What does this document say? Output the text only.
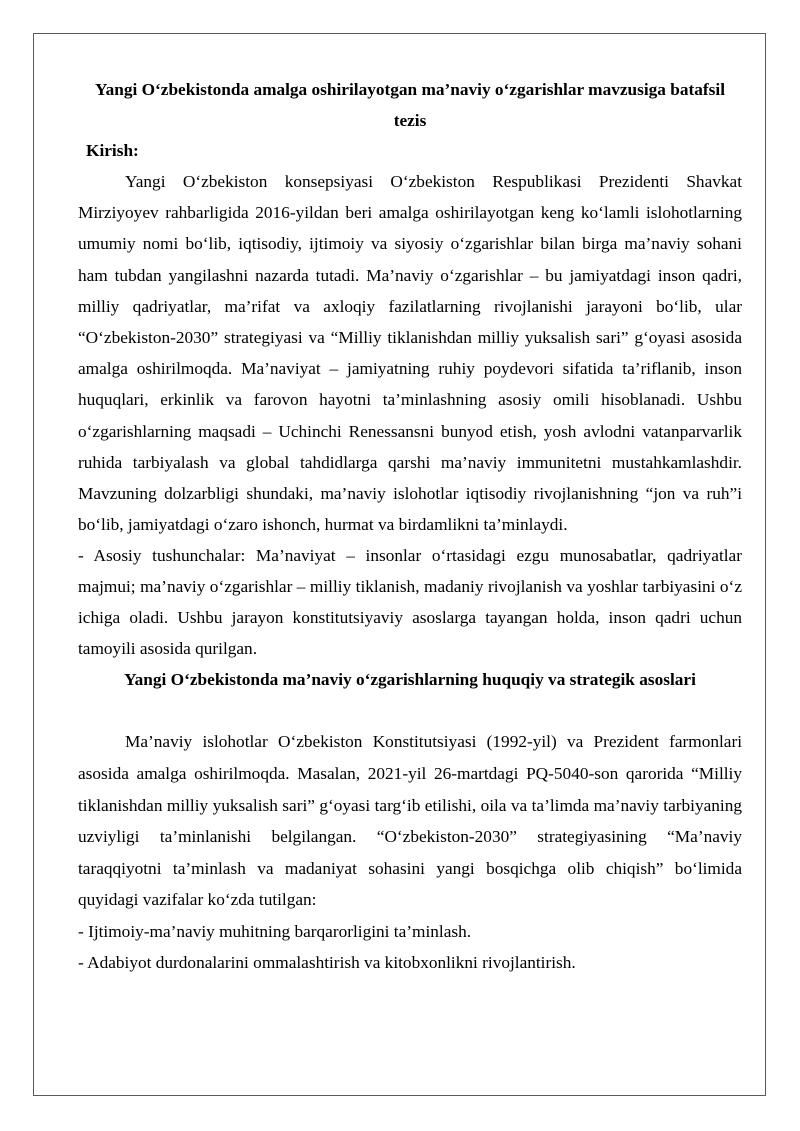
Yangi O‘zbekistonda amalga oshirilayotgan ma’naviy o‘zgarishlar mavzusiga batafsil tezis

Kirish:

Yangi O‘zbekiston konsepsiyasi O‘zbekiston Respublikasi Prezidenti Shavkat Mirziyoyev rahbarligida 2016-yildan beri amalga oshirilayotgan keng ko‘lamli islohotlarning umumiy nomi bo‘lib, iqtisodiy, ijtimoiy va siyosiy o‘zgarishlar bilan birga ma’naviy sohani ham tubdan yangilashni nazarda tutadi. Ma’naviy o‘zgarishlar – bu jamiyatdagi inson qadri, milliy qadriyatlar, ma’rifat va axloqiy fazilatlarning rivojlanishi jarayoni bo‘lib, ular “O‘zbekiston-2030” strategiyasi va “Milliy tiklanishdan milliy yuksalish sari” g‘oyasi asosida amalga oshirilmoqda. Ma’naviyat – jamiyatning ruhiy poydevori sifatida ta’riflanib, inson huquqlari, erkinlik va farovon hayotni ta’minlashning asosiy omili hisoblanadi. Ushbu o‘zgarishlarning maqsadi – Uchinchi Renessansni bunyod etish, yosh avlodni vatanparvarlik ruhida tarbiyalash va global tahdidlarga qarshi ma’naviy immunitetni mustahkamlashdir. Mavzuning dolzarbligi shundaki, ma’naviy islohotlar iqtisodiy rivojlanishning “jon va ruh”i bo‘lib, jamiyatdagi o‘zaro ishonch, hurmat va birdamlikni ta’minlaydi.

- Asosiy tushunchalar: Ma’naviyat – insonlar o‘rtasidagi ezgu munosabatlar, qadriyatlar majmui; ma’naviy o‘zgarishlar – milliy tiklanish, madaniy rivojlanish va yoshlar tarbiyasini o‘z ichiga oladi. Ushbu jarayon konstitutsiyaviy asoslarga tayangan holda, inson qadri uchun tamoyili asosida qurilgan.

Yangi O‘zbekistonda ma’naviy o‘zgarishlarning huquqiy va strategik asoslari

Ma’naviy islohotlar O‘zbekiston Konstitutsiyasi (1992-yil) va Prezident farmonlari asosida amalga oshirilmoqda. Masalan, 2021-yil 26-martdagi PQ-5040-son qarorida “Milliy tiklanishdan milliy yuksalish sari” g‘oyasi targ‘ib etilishi, oila va ta’limda ma’naviy tarbiyaning uzviyligi ta’minlanishi belgilangan. “O‘zbekiston-2030” strategiyasining “Ma’naviy taraqqiyotni ta’minlash va madaniyat sohasini yangi bosqichga olib chiqish” bo‘limida quyidagi vazifalar ko‘zda tutilgan:

- Ijtimoiy-ma’naviy muhitning barqarorligini ta’minlash.

- Adabiyot durdonalarini ommalashtirish va kitobxonlikni rivojlantirish.
